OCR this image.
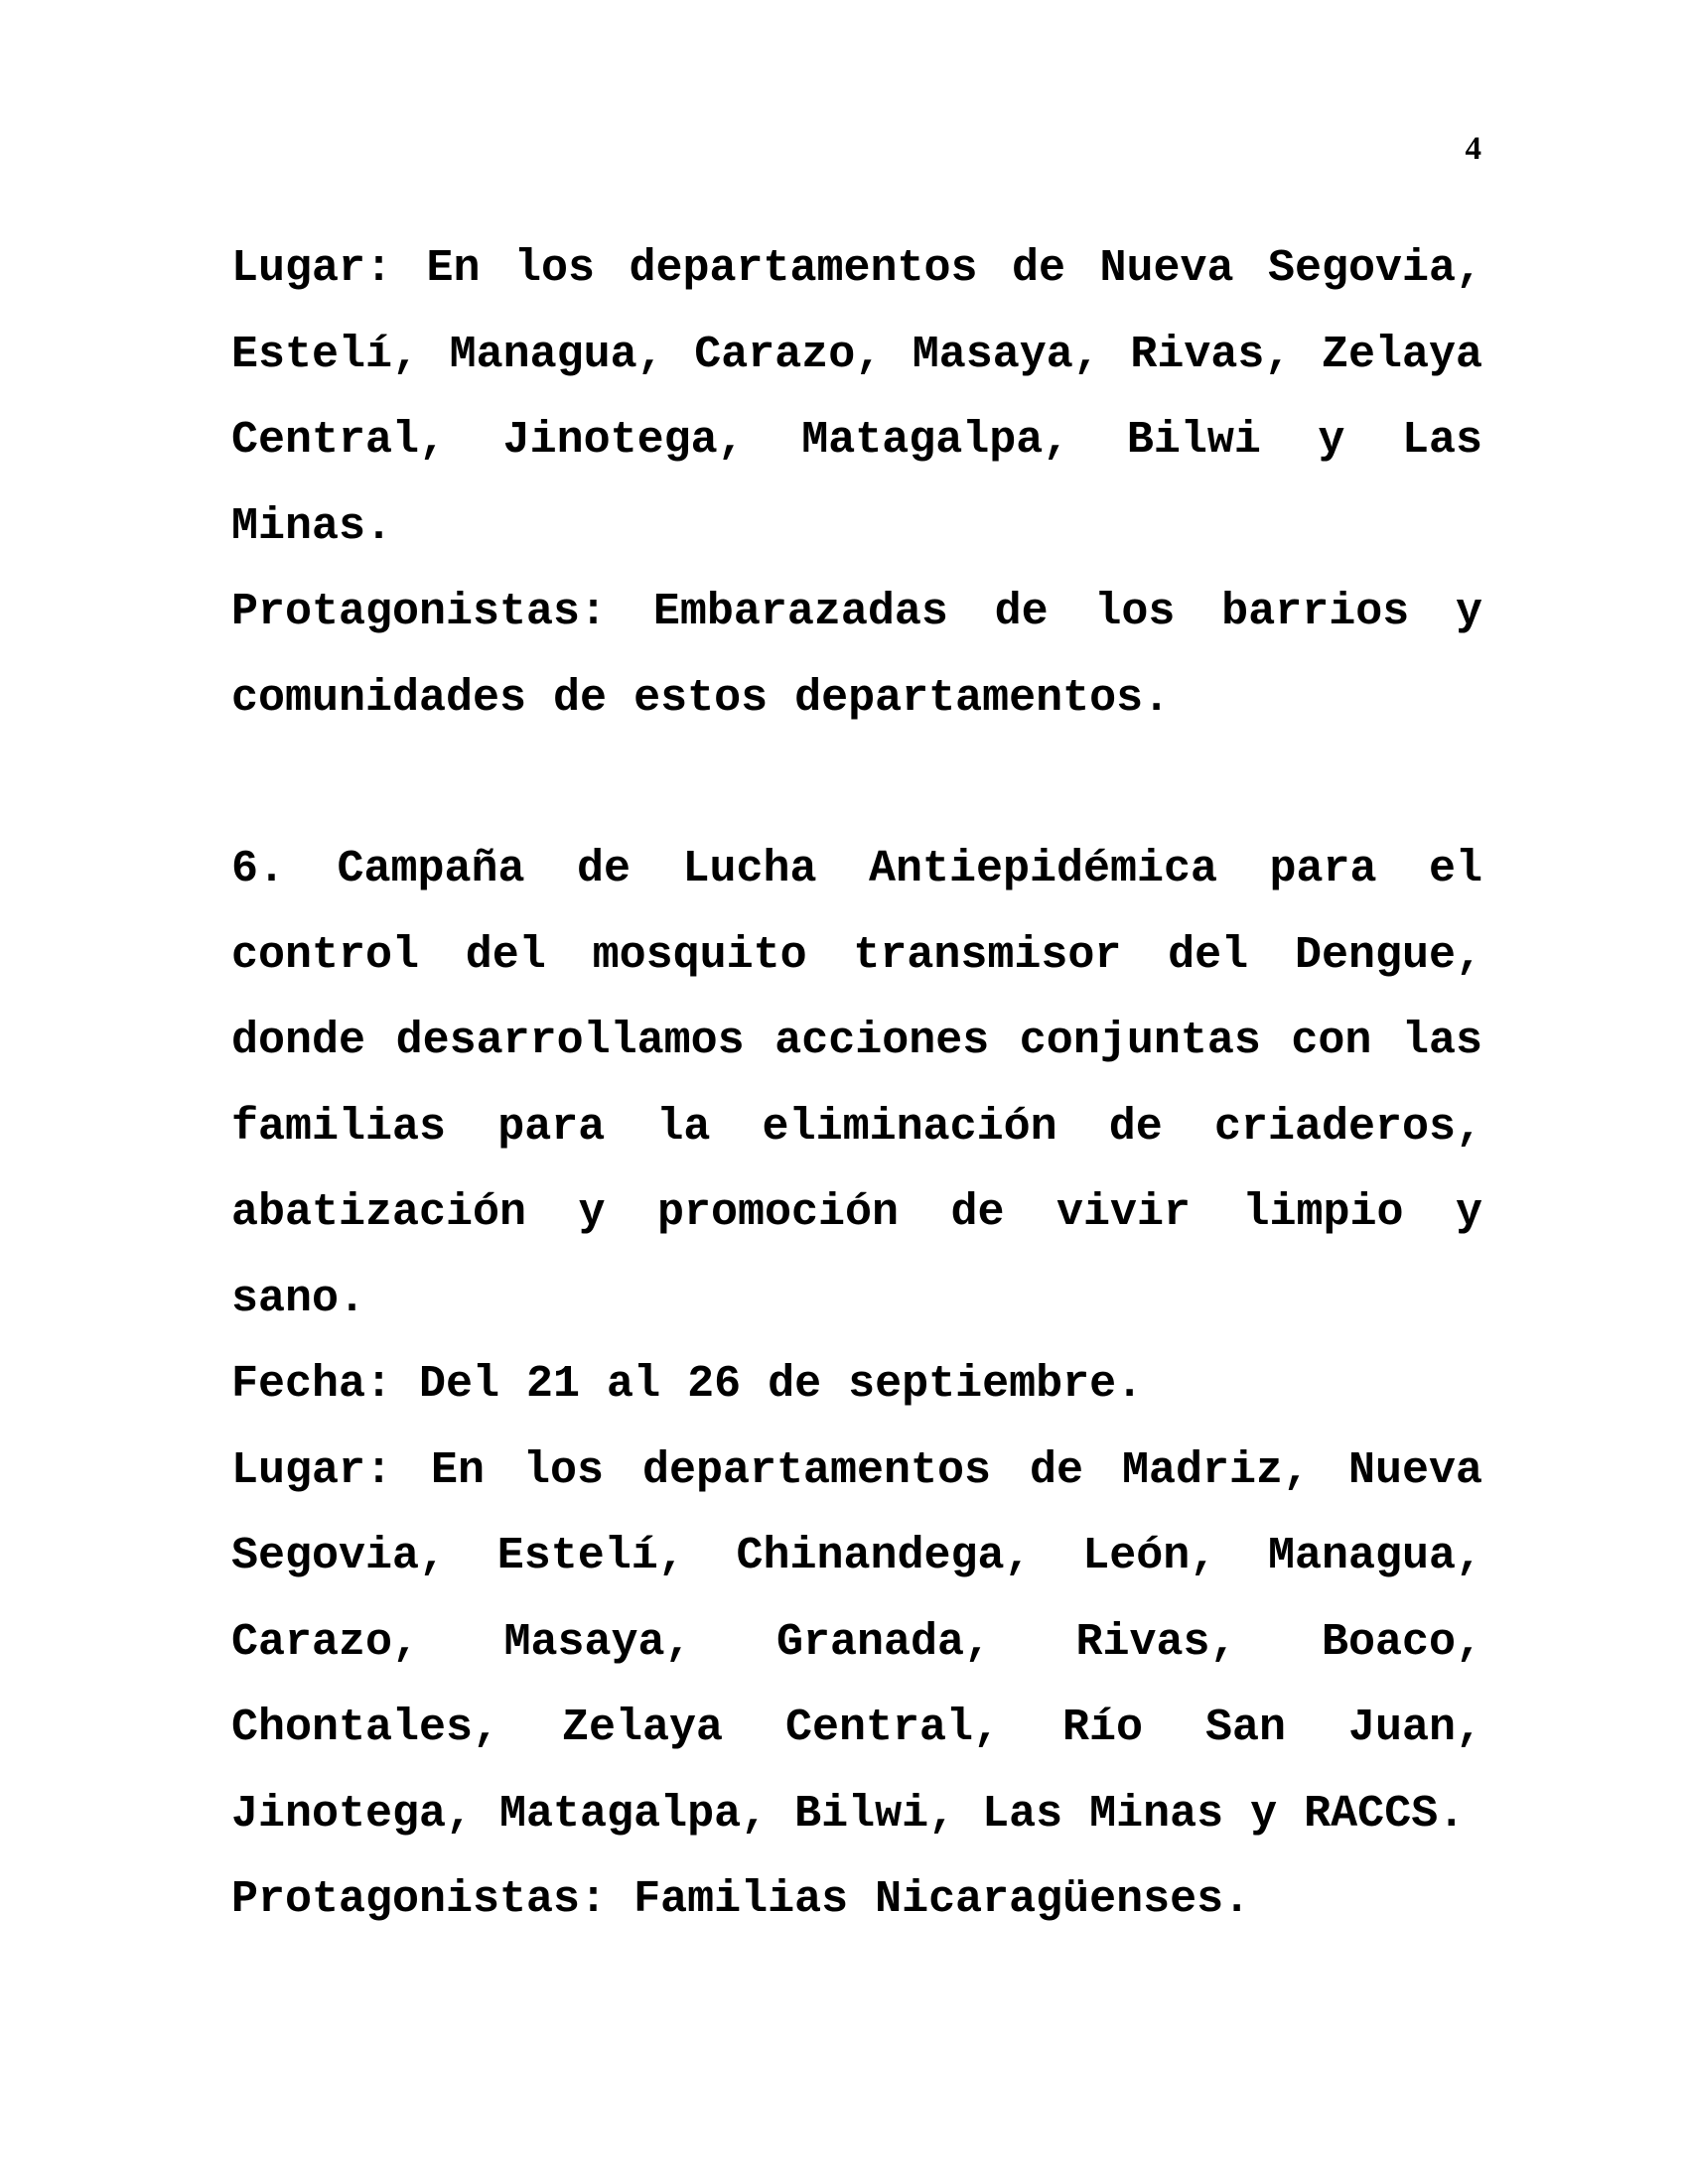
4

Lugar: En los departamentos de Nueva Segovia, Estelí, Managua, Carazo, Masaya, Rivas, Zelaya Central, Jinotega, Matagalpa, Bilwi y Las Minas.

Protagonistas: Embarazadas de los barrios y comunidades de estos departamentos.

6. Campaña de Lucha Antiepidémica para el control del mosquito transmisor del Dengue, donde desarrollamos acciones conjuntas con las familias para la eliminación de criaderos, abatización y promoción de vivir limpio y sano.

Fecha: Del 21 al 26 de septiembre.

Lugar: En los departamentos de Madriz, Nueva Segovia, Estelí, Chinandega, León, Managua, Carazo, Masaya, Granada, Rivas, Boaco, Chontales, Zelaya Central, Río San Juan, Jinotega, Matagalpa, Bilwi, Las Minas y RACCS.

Protagonistas: Familias Nicaragüenses.
